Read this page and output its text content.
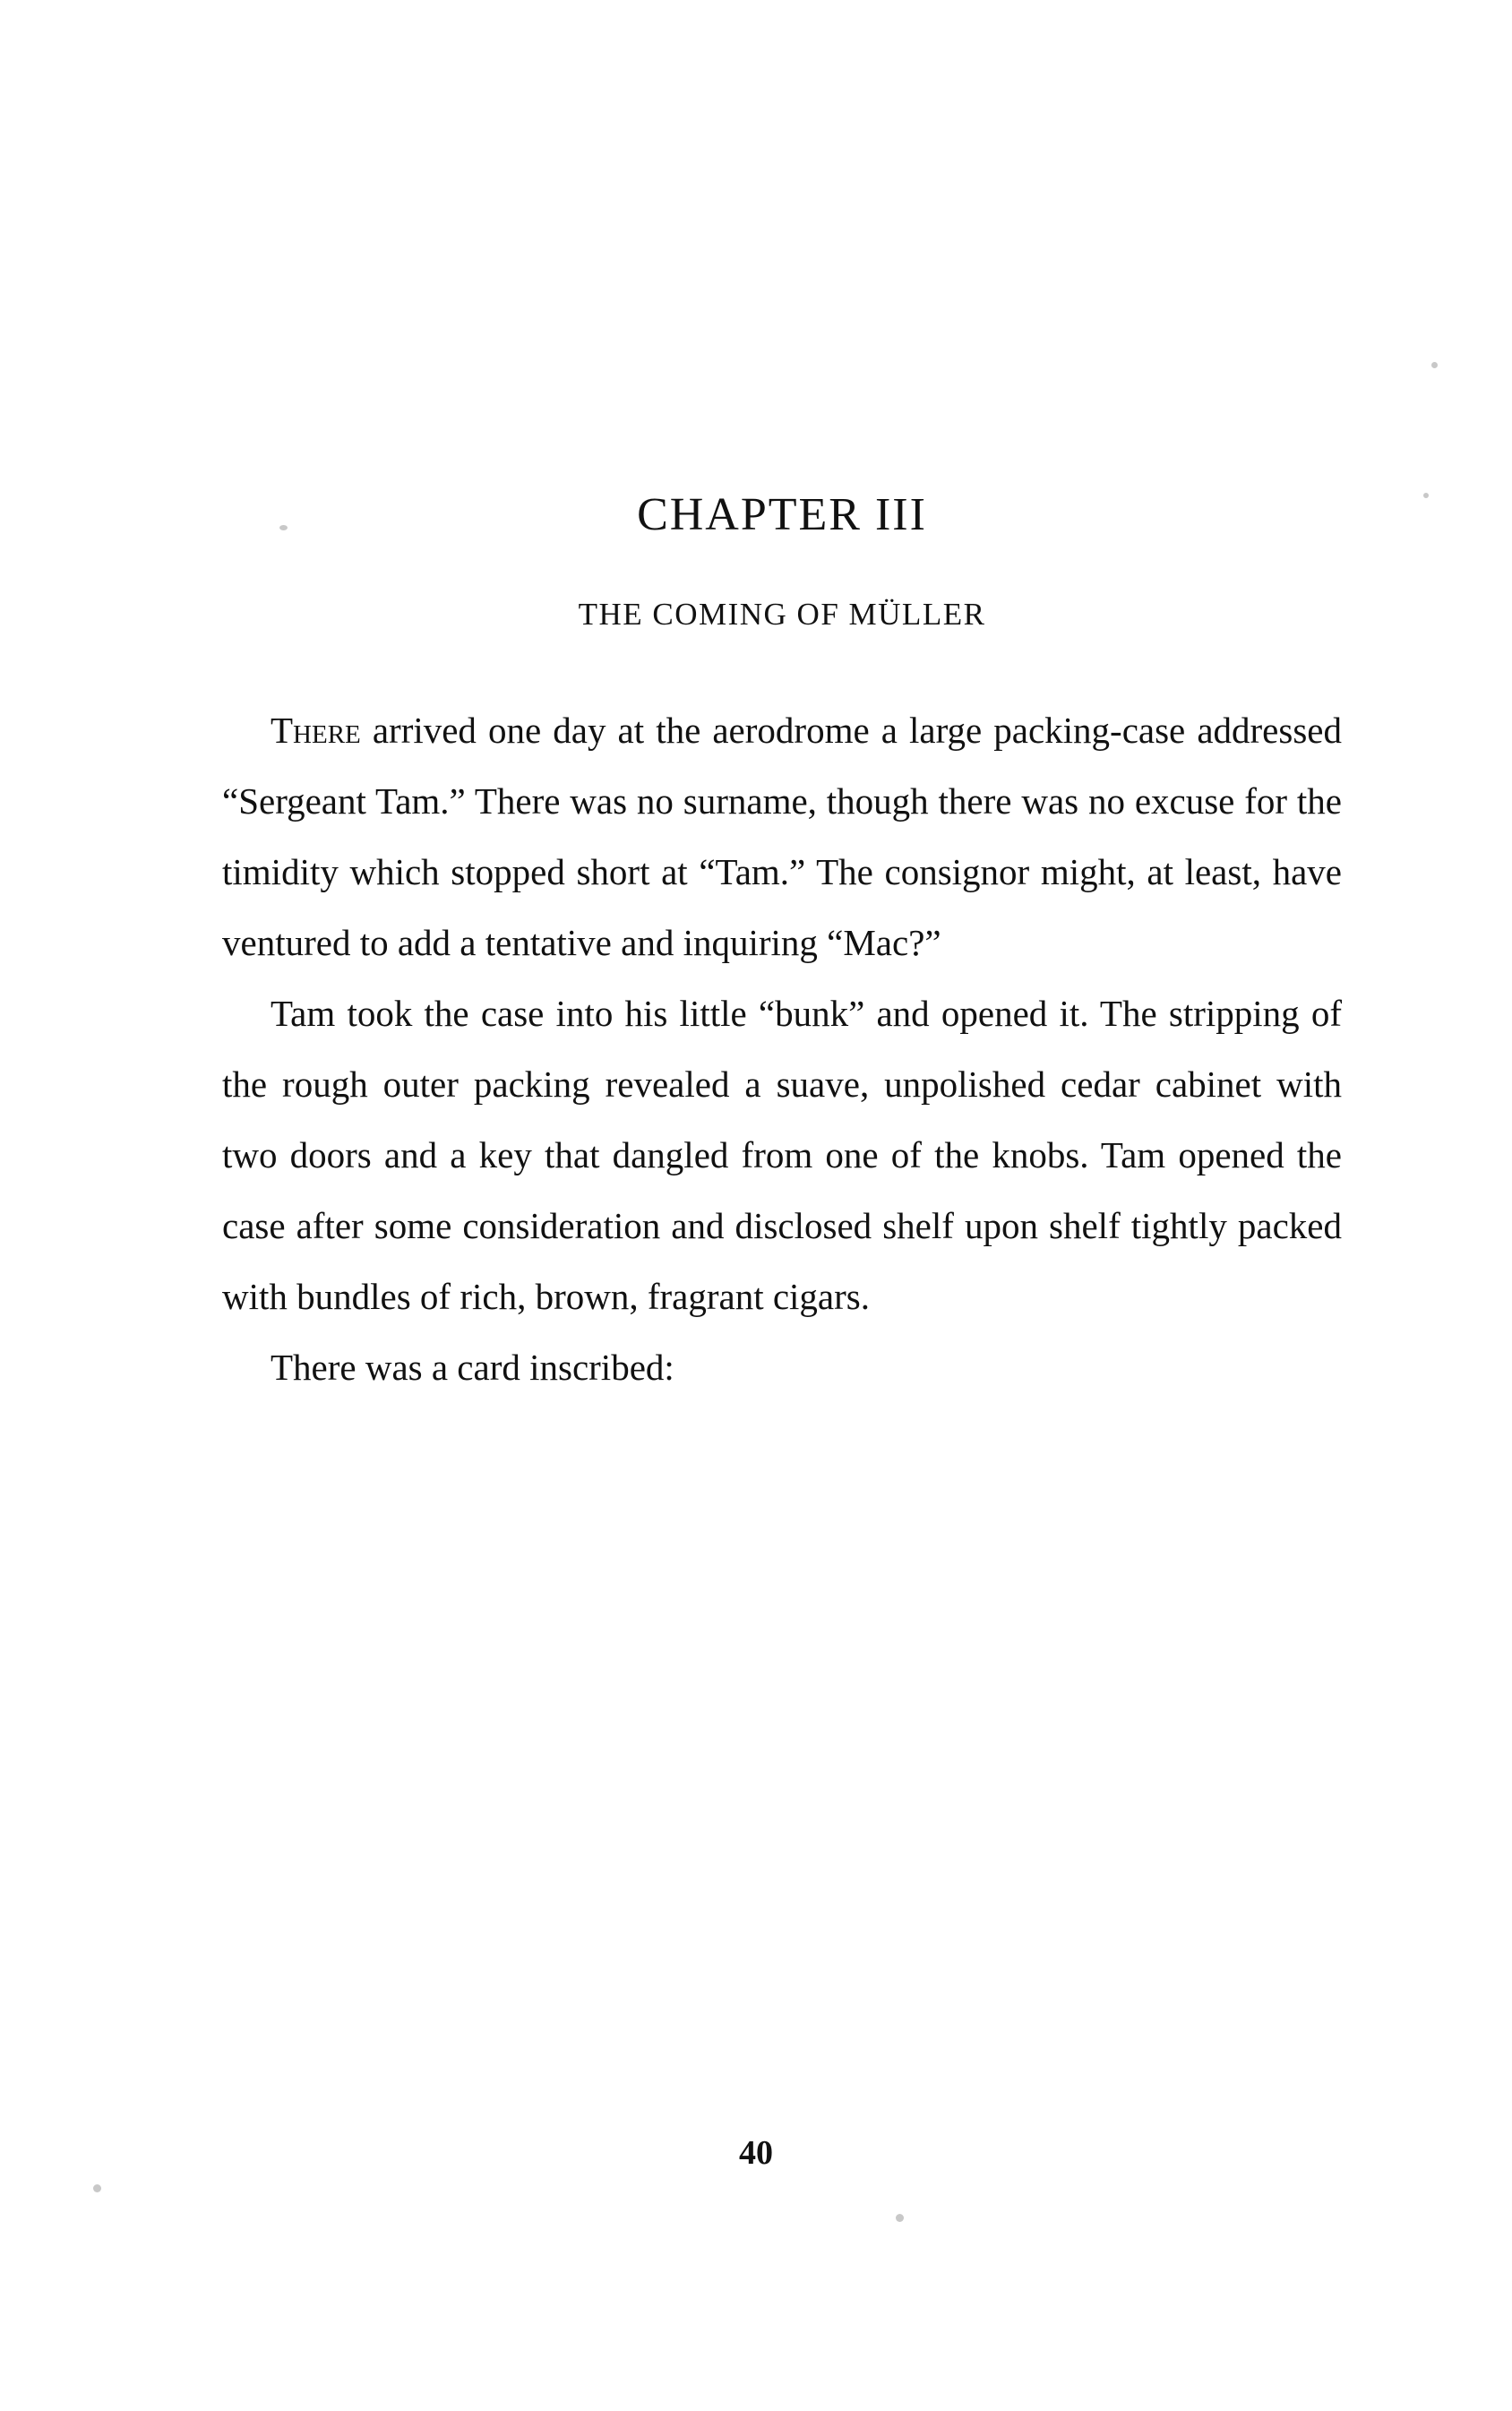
CHAPTER III
THE COMING OF MÜLLER

There arrived one day at the aerodrome a large packing-case addressed “Sergeant Tam.” There was no surname, though there was no excuse for the timidity which stopped short at “Tam.” The consignor might, at least, have ventured to add a tentative and inquiring “Mac?”

Tam took the case into his little “bunk” and opened it. The stripping of the rough outer packing revealed a suave, unpolished cedar cabinet with two doors and a key that dangled from one of the knobs. Tam opened the case after some consideration and disclosed shelf upon shelf tightly packed with bundles of rich, brown, fragrant cigars.

There was a card inscribed:

40
